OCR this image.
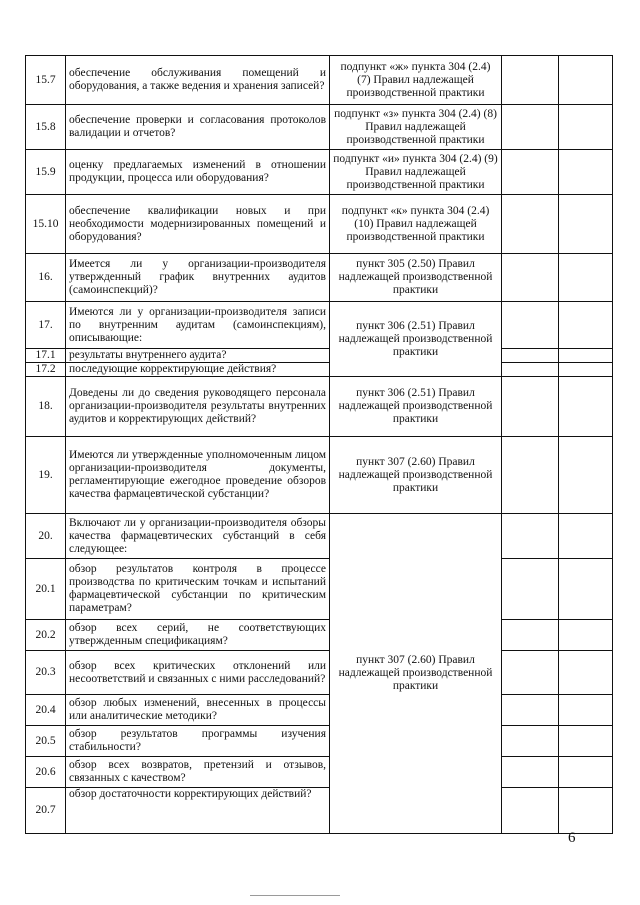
15.7	обеспечение обслуживания помещений и оборудования, а также ведения и хранения записей?	подпункт «ж» пункта 304 (2.4) (7) Правил надлежащей производственной практики		
15.8	обеспечение проверки и согласования протоколов валидации и отчетов?	подпункт «з» пункта 304 (2.4) (8) Правил надлежащей производственной практики		
15.9	оценку предлагаемых изменений в отношении продукции, процесса или оборудования?	подпункт «и» пункта 304 (2.4) (9) Правил надлежащей производственной практики		
15.10	обеспечение квалификации новых и при необходимости модернизированных помещений и оборудования?	подпункт «к» пункта 304 (2.4) (10) Правил надлежащей производственной практики		
16.	Имеется ли у организации-производителя утвержденный график внутренних аудитов (самоинспекций)?	пункт 305 (2.50) Правил надлежащей производственной практики		
17.	Имеются ли у организации-производителя записи по внутренним аудитам (самоинспекциям), описывающие:	пункт 306 (2.51) Правил надлежащей производственной практики		
17.1	результаты внутреннего аудита?			
17.2	последующие корректирующие действия?			
18.	Доведены ли до сведения руководящего персонала организации-производителя результаты внутренних аудитов и корректирующих действий?	пункт 306 (2.51) Правил надлежащей производственной практики		
19.	Имеются ли утвержденные уполномоченным лицом организации-производителя документы, регламентирующие ежегодное проведение обзоров качества фармацевтической субстанции?	пункт 307 (2.60) Правил надлежащей производственной практики		
20.	Включают ли у организации-производителя обзоры качества фармацевтических субстанций в себя следующее:	пункт 307 (2.60) Правил надлежащей производственной практики		
20.1	обзор результатов контроля в процессе производства по критическим точкам и испытаний фармацевтической субстанции по критическим параметрам?			
20.2	обзор всех серий, не соответствующих утвержденным спецификациям?			
20.3	обзор всех критических отклонений или несоответствий и связанных с ними расследований?			
20.4	обзор любых изменений, внесенных в процессы или аналитические методики?			
20.5	обзор результатов программы изучения стабильности?			
20.6	обзор всех возвратов, претензий и отзывов, связанных с качеством?			
20.7	обзор достаточности корректирующих действий?			
6
